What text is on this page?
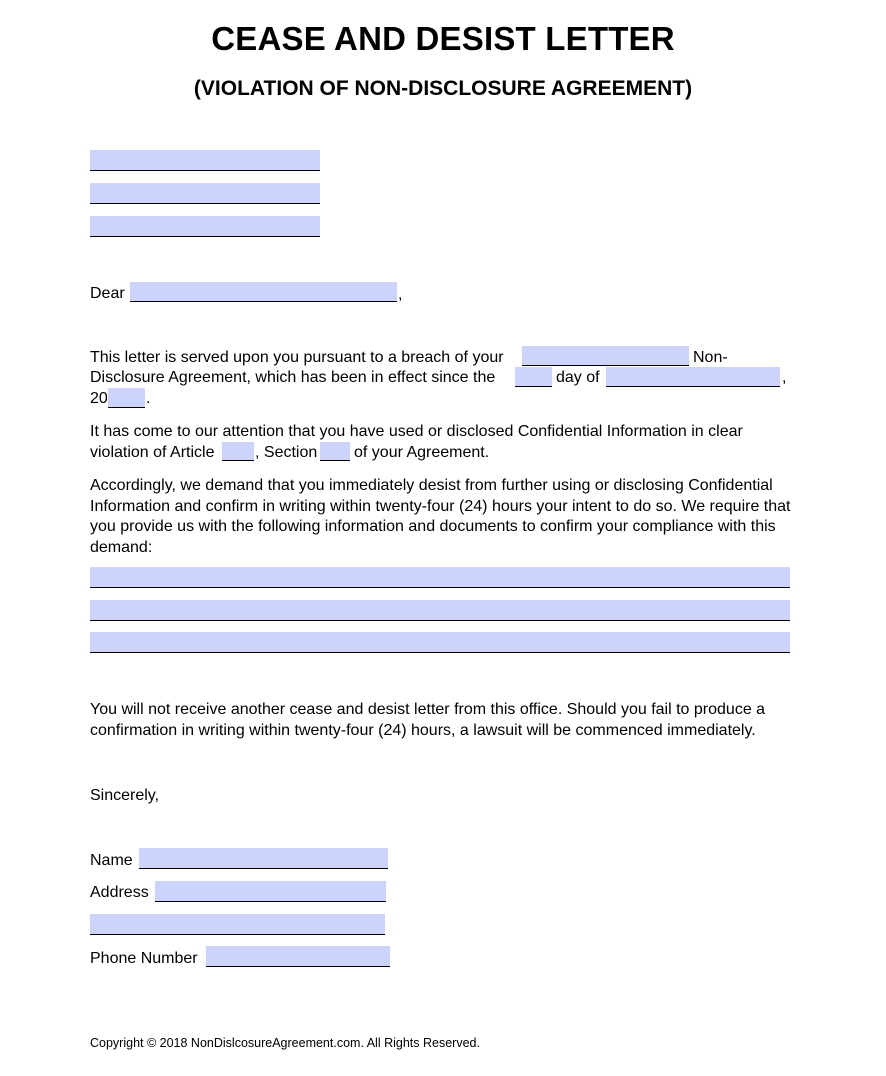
CEASE AND DESIST LETTER
(VIOLATION OF NON-DISCLOSURE AGREEMENT)
Dear	,
This letter is served upon you pursuant to a breach of your	Non-
Disclosure Agreement, which has been in effect since the	day of	,
20 .
It has come to our attention that you have used or disclosed Confidential Information in clear violation of Article	, Section of your Agreement.
Accordingly, we demand that you immediately desist from further using or disclosing Confidential Information and confirm in writing within twenty-four (24) hours your intent to do so. We require that you provide us with the following information and documents to confirm your compliance with this demand:
You will not receive another cease and desist letter from this office. Should you fail to produce a confirmation in writing within twenty-four (24) hours, a lawsuit will be commenced immediately.
Sincerely,
Name
Address
Phone Number
Copyright © 2018 NonDislcosureAgreement.com. All Rights Reserved.
